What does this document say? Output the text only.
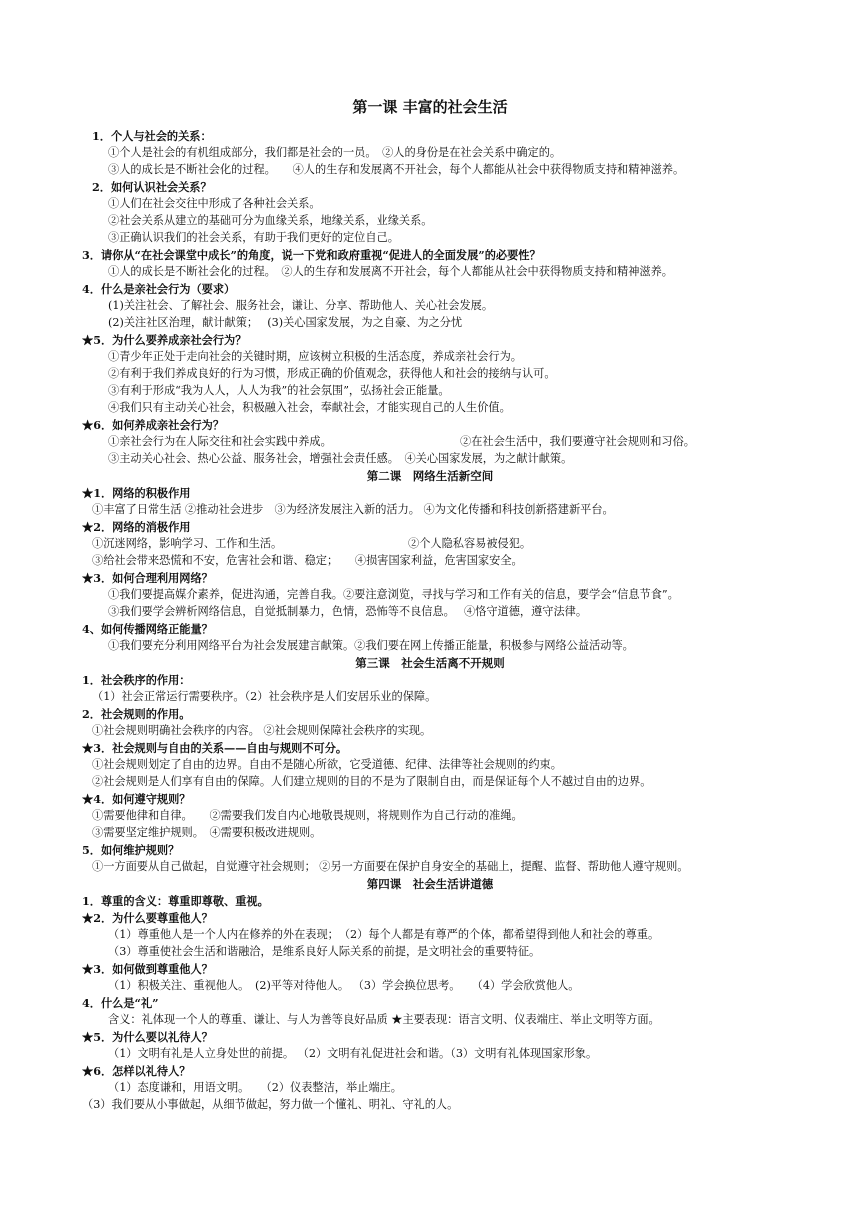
第一课 丰富的社会生活
1．个人与社会的关系：
①个人是社会的有机组成部分，我们都是社会的一员。　②人的身份是在社会关系中确定的。
③人的成长是不断社会化的过程。　　④人的生存和发展离不开社会，每个人都能从社会中获得物质支持和精神滋养。
2．如何认识社会关系？
①人们在社会交往中形成了各种社会关系。
②社会关系从建立的基础可分为血缘关系，地缘关系，业缘关系。
③正确认识我们的社会关系，有助于我们更好的定位自己。
3．请你从“在社会课堂中成长”的角度，说一下党和政府重视“促进人的全面发展”的必要性？
①人的成长是不断社会化的过程。　②人的生存和发展离不开社会，每个人都能从社会中获得物质支持和精神滋养。
4．什么是亲社会行为（要求）
(1)关注社会、了解社会、服务社会，谦让、分享、帮助他人、关心社会发展。
(2)关注社区治理，献计献策；　 (3)关心国家发展，为之自豪、为之分忧
★5．为什么要养成亲社会行为？
①青少年正处于走向社会的关键时期，应该树立积极的生活态度，养成亲社会行为。
②有利于我们养成良好的行为习惯，形成正确的价值观念，获得他人和社会的接纳与认可。
③有利于形成“我为人人，人人为我”的社会氛围”，弘扬社会正能量。
④我们只有主动关心社会，积极融入社会，奉献社会，才能实现自己的人生价值。
★6．如何养成亲社会行为？
①亲社会行为在人际交往和社会实践中养成。	②在社会生活中，我们要遵守社会规则和习俗。
③主动关心社会、热心公益、服务社会，增强社会责任感。　④关心国家发展，为之献计献策。
第二课　网络生活新空间
★1．网络的积极作用
①丰富了日常生活 ②推动社会进步　③为经济发展注入新的活力。 ④为文化传播和科技创新搭建新平台。
★2．网络的消极作用
①沉迷网络，影响学习、工作和生活。	②个人隐私容易被侵犯。
③给社会带来恐慌和不安，危害社会和谐、稳定；　　④损害国家利益，危害国家安全。
★3．如何合理利用网络？
①我们要提高媒介素养，促进沟通，完善自我。②要注意浏览，寻找与学习和工作有关的信息，要学会“信息节食”。
③我们要学会辨析网络信息，自觉抵制暴力，色情，恐怖等不良信息。　 ④恪守道德，遵守法律。
4、如何传播网络正能量？
①我们要充分利用网络平台为社会发展建言献策。②我们要在网上传播正能量，积极参与网络公益活动等。
第三课　社会生活离不开规则
1．社会秩序的作用：
（1）社会正常运行需要秩序。（2）社会秩序是人们安居乐业的保障。
2．社会规则的作用。
①社会规则明确社会秩序的内容。 ②社会规则保障社会秩序的实现。
★3．社会规则与自由的关系——自由与规则不可分。
①社会规则划定了自由的边界。自由不是随心所欲，它受道德、纪律、法律等社会规则的约束。
②社会规则是人们享有自由的保障。人们建立规则的目的不是为了限制自由，而是保证每个人不越过自由的边界。
★4．如何遵守规则？
①需要他律和自律。　　②需要我们发自内心地敬畏规则，将规则作为自己行动的准绳。
③需要坚定维护规则。　④需要积极改进规则。
5．如何维护规则？
①一方面要从自己做起，自觉遵守社会规则； ②另一方面要在保护自身安全的基础上，提醒、监督、帮助他人遵守规则。
第四课　社会生活讲道德
1．尊重的含义：尊重即尊敬、重视。
★2．为什么要尊重他人？
（1）尊重他人是一个人内在修养的外在表现；　（2）每个人都是有尊严的个体，都希望得到他人和社会的尊重。
（3）尊重使社会生活和谐融洽，是维系良好人际关系的前提，是文明社会的重要特征。
★3．如何做到尊重他人？
（1）积极关注、重视他人。　(2)平等对待他人。 （3）学会换位思考。　　（4）学会欣赏他人。
4．什么是“礼”
含义：礼体现一个人的尊重、谦让、与人为善等良好品质 ★主要表现：语言文明、仪表端庄、举止文明等方面。
★5．为什么要以礼待人？
（1）文明有礼是人立身处世的前提。 （2）文明有礼促进社会和谐。（3）文明有礼体现国家形象。
★6．怎样以礼待人？
（1）态度谦和，用语文明。　　（2）仪表整洁，举止端庄。
（3）我们要从小事做起，从细节做起，努力做一个懂礼、明礼、守礼的人。
